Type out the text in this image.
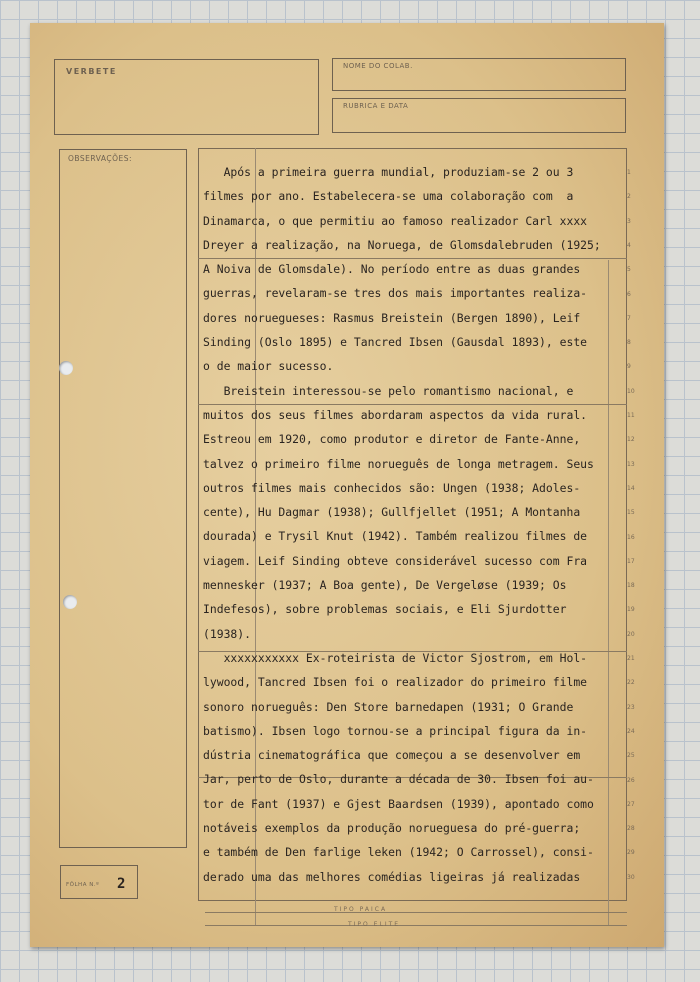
VERBETE
NOME DO COLAB.
RUBRICA E DATA
OBSERVAÇÕES:
FÔLHA N.º 2
TIPO PAICA
TIPO ELITE
1
2
3
4
5
6
7
8
9
10
11
12
13
14
15
16
17
18
19
20
21
22
23
24
25
26
27
28
29
30
Após a primeira guerra mundial, produziam-se 2 ou 3
filmes por ano. Estabelecera-se uma colaboração com  a
Dinamarca, o que permitiu ao famoso realizador Carl xxxx
Dreyer a realização, na Noruega, de Glomsdalebruden (1925;
A Noiva de Glomsdale). No período entre as duas grandes
guerras, revelaram-se tres dos mais importantes realiza-
dores noruegueses: Rasmus Breistein (Bergen 1890), Leif
Sinding (Oslo 1895) e Tancred Ibsen (Gausdal 1893), este
o de maior sucesso.
Breistein interessou-se pelo romantismo nacional, e
muitos dos seus filmes abordaram aspectos da vida rural.
Estreou em 1920, como produtor e diretor de Fante-Anne,
talvez o primeiro filme norueguês de longa metragem. Seus
outros filmes mais conhecidos são: Ungen (1938; Adoles-
cente), Hu Dagmar (1938); Gullfjellet (1951; A Montanha
dourada) e Trysil Knut (1942). Também realizou filmes de
viagem. Leif Sinding obteve considerável sucesso com Fra
mennesker (1937; A Boa gente), De Vergeløse (1939; Os
Indefesos), sobre problemas sociais, e Eli Sjurdotter
(1938).
xxxxxxxxxxx Ex-roteirista de Victor Sjostrom, em Hol-
lywood, Tancred Ibsen foi o realizador do primeiro filme
sonoro norueguês: Den Store barnedapen (1931; O Grande
batismo). Ibsen logo tornou-se a principal figura da in-
dústria cinematográfica que começou a se desenvolver em
Jar, perto de Oslo, durante a década de 30. Ibsen foi au-
tor de Fant (1937) e Gjest Baardsen (1939), apontado como
notáveis exemplos da produção norueguesa do pré-guerra;
e também de Den farlige leken (1942; O Carrossel), consi-
derado uma das melhores comédias ligeiras já realizadas
